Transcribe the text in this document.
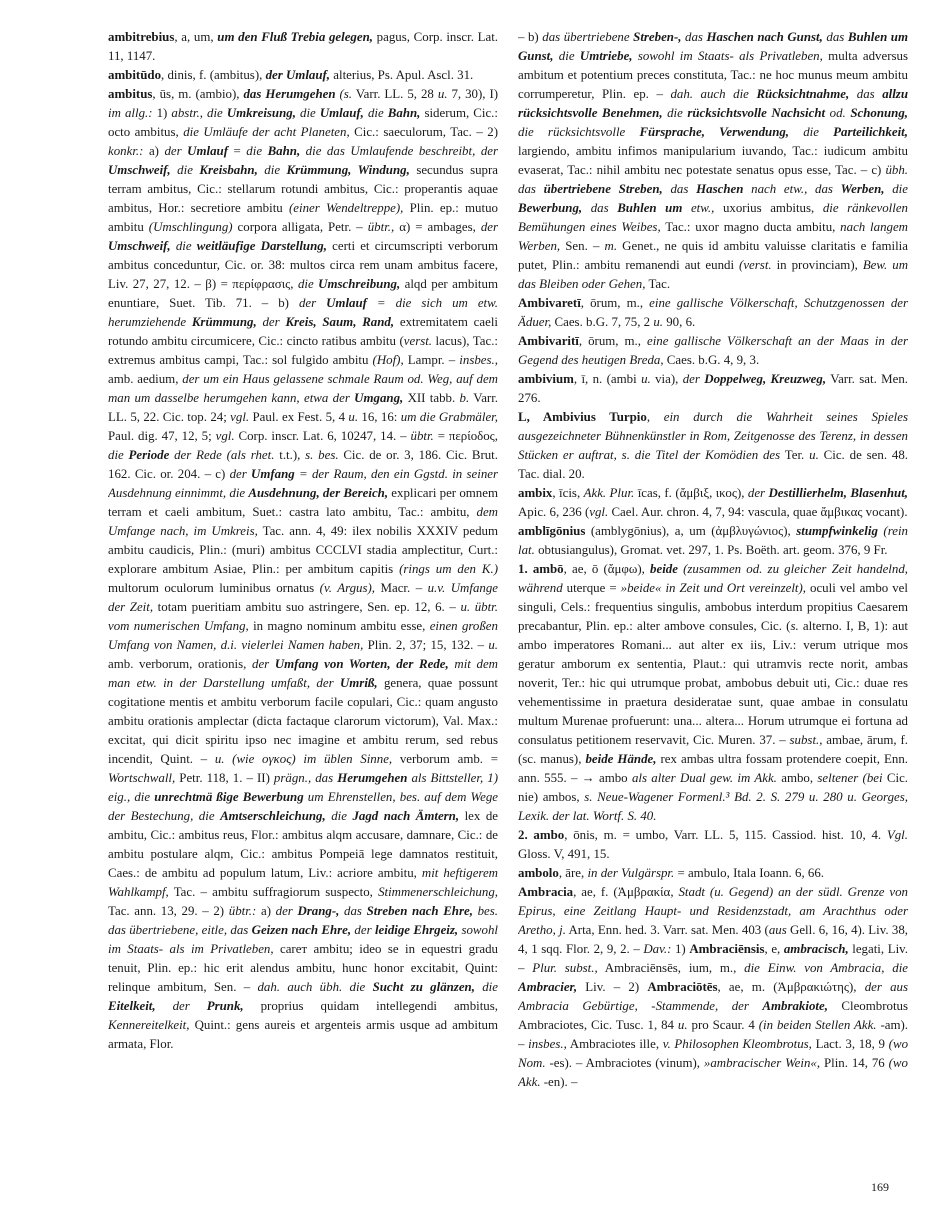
ambitrebius, a, um, um den Fluß Trebia gelegen, pagus, Corp. inscr. Lat. 11, 1147.

ambitūdo, dinis, f. (ambitus), der Umlauf, alterius, Ps. Apul. Ascl. 31.

ambitus, ūs, m. (ambio), das Herumgehen (s. Varr. LL. 5, 28 u. 7, 30), I) im allg.: 1) abstr., die Umkreisung, die Umlauf, die Bahn, siderum, Cic.: octo ambitus, die Umläufe der acht Planeten, Cic.: saeculorum, Tac. – 2) konkr.: a) der Umlauf = die Bahn, die das Umlaufende beschreibt, der Umschweif, die Kreisbahn, die Krümmung, Windung, secundus supra terram ambitus, Cic.: stellarum rotundi ambitus, Cic.: properantis aquae ambitus, Hor.: secretiore ambitu (einer Wendeltreppe), Plin. ep.: mutuo ambitu (Umschlingung) corpora alligata, Petr. – übtr., α) = ambages, der Umschweif, die weitläufige Darstellung, certi et circumscripti verborum ambitus conceduntur, Cic. or. 38: multos circa rem unam ambitus facere, Liv. 27, 27, 12. – β) = περίφρασις, die Umschreibung, alqd per ambitum enuntiare, Suet. Tib. 71. – b) der Umlauf = die sich um etw. herumziehende Krümmung, der Kreis, Saum, Rand, extremitatem caeli rotundo ambitu circumicere, Cic.: cincto ratibus ambitu (verst. lacus), Tac.: extremus ambitus campi, Tac.: sol fulgido ambitu (Hof), Lampr. – insbes., amb. aedium, der um ein Haus gelassene schmale Raum od. Weg, auf dem man um dasselbe herumgehen kann, etwa der Umgang, XII tabb. b. Varr. LL. 5, 22. Cic. top. 24; vgl. Paul. ex Fest. 5, 4 u. 16, 16: um die Grabmäler, Paul. dig. 47, 12, 5; vgl. Corp. inscr. Lat. 6, 10247, 14. – übtr. = περίοδος, die Periode der Rede (als rhet. t.t.), s. bes. Cic. de or. 3, 186. Cic. Brut. 162. Cic. or. 204. – c) der Umfang = der Raum, den ein Ggstd. in seiner Ausdehnung einnimmt, die Ausdehnung, der Bereich, explicari per omnem terram et caeli ambitum, Suet.: castra lato ambitu, Tac.: ambitu, dem Umfange nach, im Umkreis, Tac. ann. 4, 49: ilex nobilis XXXIV pedum ambitu caudicis, Plin.: (muri) ambitus CCCLVI stadia amplectitur, Curt.: explorare ambitum Asiae, Plin.: per ambitum capitis (rings um den K.) multorum oculorum luminibus ornatus (v. Argus), Macr. – u.v. Umfange der Zeit, totam pueritiam ambitu suo astringere, Sen. ep. 12, 6. – u. übtr. vom numerischen Umfang, in magno nominum ambitu esse, einen großen Umfang von Namen, d.i. vielerlei Namen haben, Plin. 2, 37; 15, 132. – u. amb. verborum, orationis, der Umfang von Worten, der Rede, mit dem man etw. in der Darstellung umfaßt, der Umriß, genera, quae possunt cogitatione mentis et ambitu verborum facile copulari, Cic.: quam angusto ambitu orationis amplectar (dicta factaque clarorum victorum), Val. Max.: excitat, qui dicit spiritu ipso nec imagine et ambitu rerum, sed rebus incendit, Quint. – u. (wie ογκος) im üblen Sinne, verborum amb. = Wortschwall, Petr. 118, 1. – II) prägn., das Herumgehen als Bittsteller, 1) eig., die unrechtmä ßige Bewerbung um Ehrenstellen, bes. auf dem Wege der Bestechung, die Amtserschleichung, die Jagd nach Ämtern, lex de ambitu, Cic.: ambitus reus, Flor.: ambitus alqm accusare, damnare, Cic.: de ambitu postulare alqm, Cic.: ambitus Pompeiā lege damnatos restituit, Caes.: de ambitu ad populum latum, Liv.: acriore ambitu, mit heftigerem Wahlkampf, Tac. – ambitu suffragiorum suspecto, Stimmenerschleichung, Tac. ann. 13, 29. – 2) übtr.: a) der Drang-, das Streben nach Ehre, bes. das übertriebene, eitle, das Geizen nach Ehre, der leidige Ehrgeiz, sowohl im Staats- als im Privatleben, carет ambitu; ideo se in equestri gradu tenuit, Plin. ep.: hic erit alendus ambitu, hunc honor excitabit, Quint: relinque ambitum, Sen. – dah. auch übh. die Sucht zu glänzen, die Eitelkeit, der Prunk, proprius quidam intellegendi ambitus, Kennereitelkeit, Quint.: gens aureis et argenteis armis usque ad ambitum armata, Flor.

– b) das übertriebene Streben-, das Haschen nach Gunst, das Buhlen um Gunst, die Umtriebe, sowohl im Staats- als Privatleben, multa adversus ambitum et potentium preces constituta, Tac.: ne hoc munus meum ambitu corrumperetur, Plin. ep. – dah. auch die Rücksichtnahme, das allzu rücksichtsvolle Benehmen, die rücksichtsvolle Nachsicht od. Schonung, die rücksichtsvolle Fürsprache, Verwendung, die Parteilichkeit, largiendo, ambitu infimos manipularium iuvando, Tac.: iudicum ambitu evaserat, Tac.: nihil ambitu nec potestate senatus opus esse, Tac. – c) übh. das übertriebene Streben, das Haschen nach etw., das Werben, die Bewerbung, das Buhlen um etw., uxorius ambitus, die ränkevollen Bemühungen eines Weibes, Tac.: uxor magno ducta ambitu, nach langem Werben, Sen. – m. Genet., ne quis id ambitu valuisse claritatis e familia putet, Plin.: ambitu remanendi aut eundi (verst. in provinciam), Bew. um das Bleiben oder Gehen, Tac.

Ambivaretī, ōrum, m., eine gallische Völkerschaft, Schutzgenossen der Äduer, Caes. b.G. 7, 75, 2 u. 90, 6.

Ambivaritī, ōrum, m., eine gallische Völkerschaft an der Maas in der Gegend des heutigen Breda, Caes. b.G. 4, 9, 3.

ambivium, ī, n. (ambi u. via), der Doppelweg, Kreuzweg, Varr. sat. Men. 276.

L, Ambivius Turpio, ein durch die Wahrheit seines Spieles ausgezeichneter Bühnenkünstler in Rom, Zeitgenosse des Terenz, in dessen Stücken er auftrat, s. die Titel der Komödien des Ter. u. Cic. de sen. 48. Tac. dial. 20.

ambix, īcis, Akk. Plur. īcas, f. (ἄμβιξ, ικος), der Destillierhelm, Blasenhut, Apic. 6, 236 (vgl. Cael. Aur. chron. 4, 7, 94: vascula, quae ἄμβικας vocant).

amblīgōnius (amblygōnius), a, um (ἀμβλυγώνιος), stumpfwinkelig (rein lat. obtusiangulus), Gromat. vet. 297, 1. Ps. Boëth. art. geom. 376, 9 Fr.

1. ambō, ae, ō (ἄμφω), beide (zusammen od. zu gleicher Zeit handelnd, während uterque = »beide« in Zeit und Ort vereinzelt), oculi vel ambo vel singuli, Cels.: frequentius singulis, ambobus interdum propitius Caesarem precabantur, Plin. ep.: alter ambove consules, Cic. (s. alterno. I, B, 1): aut ambo imperatores Romani... aut alter ex iis, Liv.: verum utrique mos geratur amborum ex sententia, Plaut.: qui utramvis recte norit, ambas noverit, Ter.: hic qui utrumque probat, ambobus debuit uti, Cic.: duae res vehementissime in praetura desideratae sunt, quae ambae in consulatu multum Murenae profuerunt: una... altera... Horum utrumque ei fortuna ad consulatus petitionem reservavit, Cic. Muren. 37. – subst., ambae, ārum, f. (sc. manus), beide Hände, rex ambas ultra fossam protendere coepit, Enn. ann. 555. – → ambo als alter Dual gew. im Akk. ambo, seltener (bei Cic. nie) ambos, s. Neue-Wagener Formenl.³ Bd. 2. S. 279 u. 280 u. Georges, Lexik. der lat. Wortf. S. 40.

2. ambo, ōnis, m. = umbo, Varr. LL. 5, 115. Cassiod. hist. 10, 4. Vgl. Gloss. V, 491, 15.

ambolo, āre, in der Vulgärspr. = ambulo, Itala Ioann. 6, 66.

Ambracia, ae, f. (Ἀμβρακία, Stadt (u. Gegend) an der südl. Grenze von Epirus, eine Zeitlang Haupt- und Residenzstadt, am Arachthus oder Aretho, j. Arta, Enn. hed. 3. Varr. sat. Men. 403 (aus Gell. 6, 16, 4). Liv. 38, 4, 1 sqq. Flor. 2, 9, 2. – Dav.: 1) Ambraciēnsis, e, ambracisch, legati, Liv. – Plur. subst., Ambraciēnsēs, ium, m., die Einw. von Ambracia, die Ambracier, Liv. – 2) Ambraciōtēs, ae, m. (Ἀμβρακιώτης), der aus Ambracia Gebürtige, -Stammende, der Ambrakiote, Cleombrotus Ambraciotes, Cic. Tusc. 1, 84 u. pro Scaur. 4 (in beiden Stellen Akk. -am). – insbes., Ambraciotes ille, v. Philosophen Kleombrotus, Lact. 3, 18, 9 (wo Nom. -es). – Ambraciotes (vinum), »ambracischer Wein«, Plin. 14, 76 (wo Akk. -en). –

169
